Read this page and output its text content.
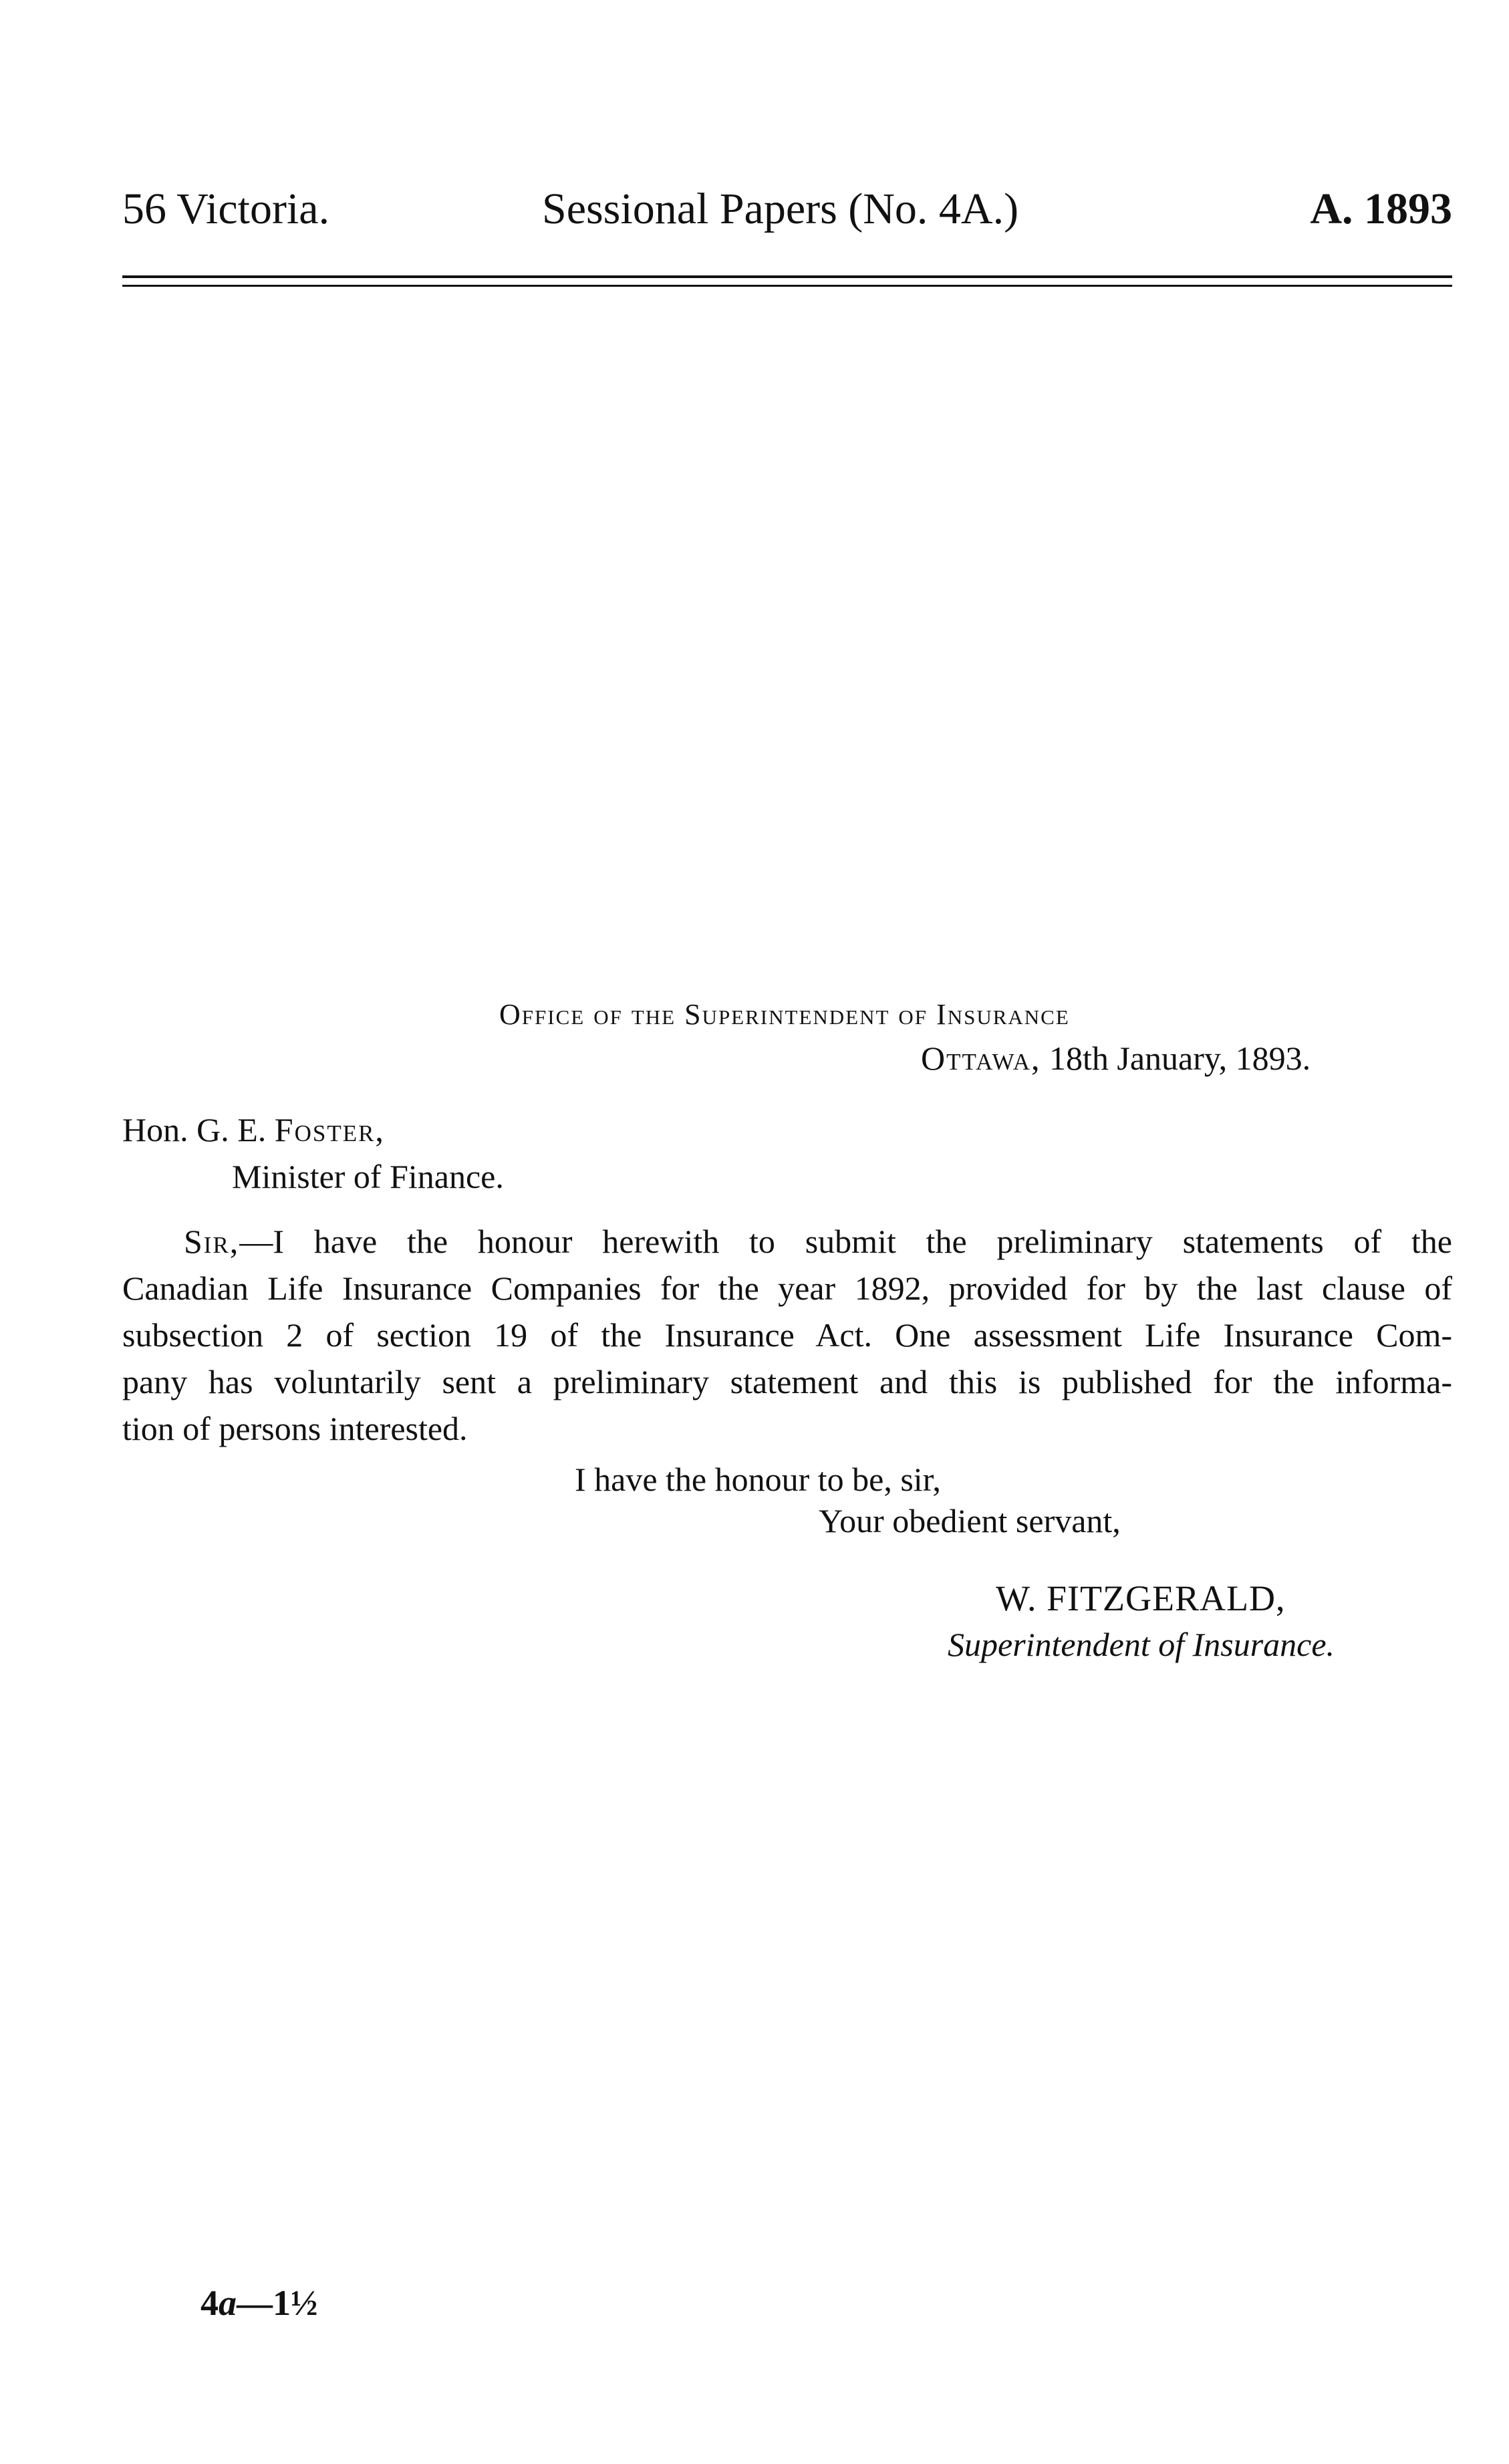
56 Victoria.	Sessional Papers (No. 4A.)	A. 1893
Office of the Superintendent of Insurance
Ottawa, 18th January, 1893.
Hon. G. E. Foster,
Minister of Finance.
Sir,—I have the honour herewith to submit the preliminary statements of the
Canadian Life Insurance Companies for the year 1892, provided for by the last clause of
subsection 2 of section 19 of the Insurance Act. One assessment Life Insurance Com-
pany has voluntarily sent a preliminary statement and this is published for the informa-
tion of persons interested.
I have the honour to be, sir,
Your obedient servant,
W. FITZGERALD,
Superintendent of Insurance.
4a—1½
